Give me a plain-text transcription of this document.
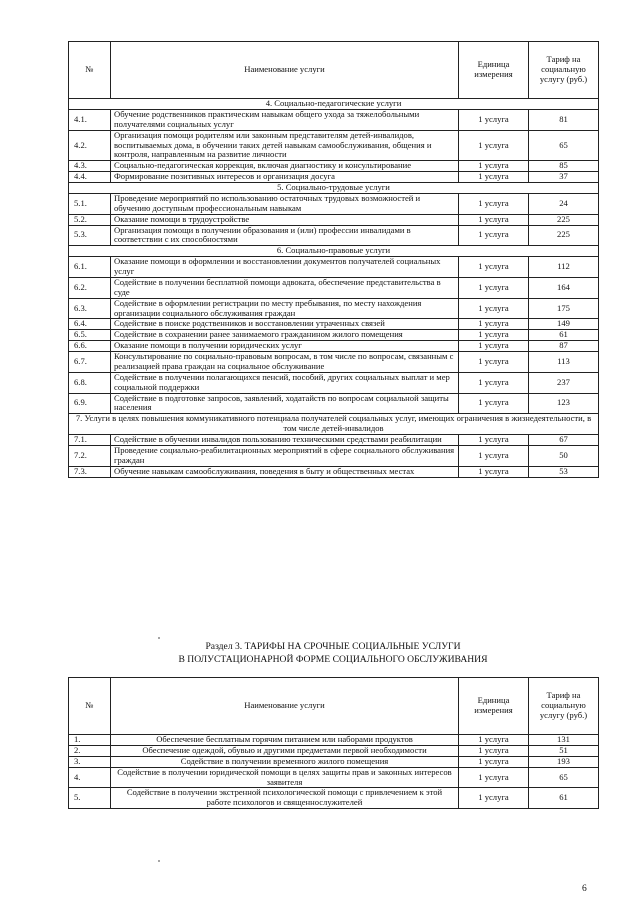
№	Наименование услуги	Единица измерения	Тариф на социальную услугу (руб.)
4. Социально-педагогические услуги			
4.1.	Обучение родственников практическим навыкам общего ухода за тяжелобольными получателями социальных услуг	1 услуга	81
4.2.	Организация помощи родителям или законным представителям детей-инвалидов, воспитываемых дома, в обучении таких детей навыкам самообслуживания, общения и контроля, направленным на развитие личности	1 услуга	65
4.3.	Социально-педагогическая коррекция, включая диагностику и консультирование	1 услуга	85
4.4.	Формирование позитивных интересов и организация досуга	1 услуга	37
5. Социально-трудовые услуги			
5.1.	Проведение мероприятий по использованию остаточных трудовых возможностей и обучению доступным профессиональным навыкам	1 услуга	24
5.2.	Оказание помощи в трудоустройстве	1 услуга	225
5.3.	Организация помощи в получении образования и (или) профессии инвалидами в соответствии с их способностями	1 услуга	225
6. Социально-правовые услуги			
6.1.	Оказание помощи в оформлении и восстановлении документов получателей социальных услуг	1 услуга	112
6.2.	Содействие в получении бесплатной помощи адвоката, обеспечение представительства в суде	1 услуга	164
6.3.	Содействие в оформлении регистрации по месту пребывания, по месту нахождения организации социального обслуживания граждан	1 услуга	175
6.4.	Содействие в поиске родственников и восстановлении утраченных связей	1 услуга	149
6.5.	Содействие в сохранении ранее занимаемого гражданином жилого помещения	1 услуга	61
6.6.	Оказание помощи в получении юридических услуг	1 услуга	87
6.7.	Консультирование по социально-правовым вопросам, в том числе по вопросам, связанным с реализацией права граждан на социальное обслуживание	1 услуга	113
6.8.	Содействие в получении полагающихся пенсий, пособий, других социальных выплат и мер социальной поддержки	1 услуга	237
6.9.	Содействие в подготовке запросов, заявлений, ходатайств по вопросам социальной защиты населения	1 услуга	123
7. Услуги в целях повышения коммуникативного потенциала получателей социальных услуг, имеющих ограничения в жизнедеятельности, в том числе детей-инвалидов			
7.1.	Содействие в обучении инвалидов пользованию техническими средствами реабилитации	1 услуга	67
7.2.	Проведение социально-реабилитационных мероприятий в сфере социального обслуживания граждан	1 услуга	50
7.3.	Обучение навыкам самообслуживания, поведения в быту и общественных местах	1 услуга	53
Раздел 3. ТАРИФЫ НА СРОЧНЫЕ СОЦИАЛЬНЫЕ УСЛУГИ
В ПОЛУСТАЦИОНАРНОЙ ФОРМЕ СОЦИАЛЬНОГО ОБСЛУЖИВАНИЯ
№	Наименование услуги	Единица измерения	Тариф на социальную услугу (руб.)
1.	Обеспечение бесплатным горячим питанием или наборами продуктов	1 услуга	131
2.	Обеспечение одеждой, обувью и другими предметами первой необходимости	1 услуга	51
3.	Содействие в получении временного жилого помещения	1 услуга	193
4.	Содействие в получении юридической помощи в целях защиты прав и законных интересов заявителя	1 услуга	65
5.	Содействие в получении экстренной психологической помощи с привлечением к этой работе психологов и священнослужителей	1 услуга	61
6
